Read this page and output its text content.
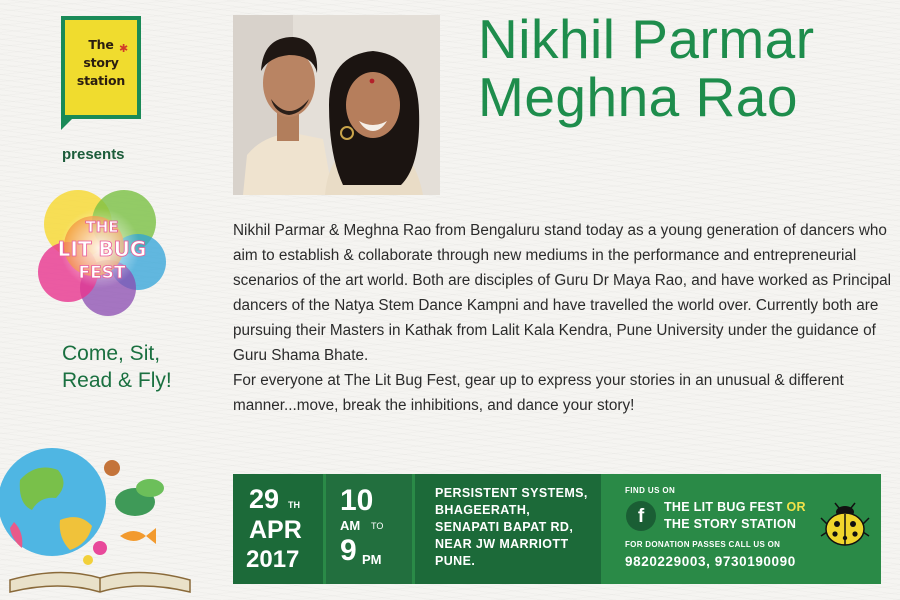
The
story
station
✱
presents
THE
LIT BUG
FEST
Come, Sit,
Read & Fly!
Nikhil Parmar
Meghna Rao
Nikhil Parmar & Meghna Rao from Bengaluru stand today as a young generation of dancers who aim to establish & collaborate through new mediums in the performance and entrepreneurial scenarios of the art world. Both are disciples of Guru Dr Maya Rao, and have worked as Principal dancers of the Natya Stem Dance Kampni and have travelled the world over. Currently both are pursuing their Masters in Kathak from Lalit Kala Kendra, Pune University under the guidance of Guru Shama Bhate.
For everyone at The Lit Bug Fest, gear up to express your stories in an unusual & different manner...move, break the inhibitions, and dance your story!
29 TH
APR
2017
10
AM TO
9 PM
PERSISTENT SYSTEMS,
BHAGEERATH,
SENAPATI BAPAT RD,
NEAR JW MARRIOTT
PUNE.
FIND US ON
f	THE LIT BUG FEST OR
THE STORY STATION
FOR DONATION PASSES CALL US ON
9820229003, 9730190090
